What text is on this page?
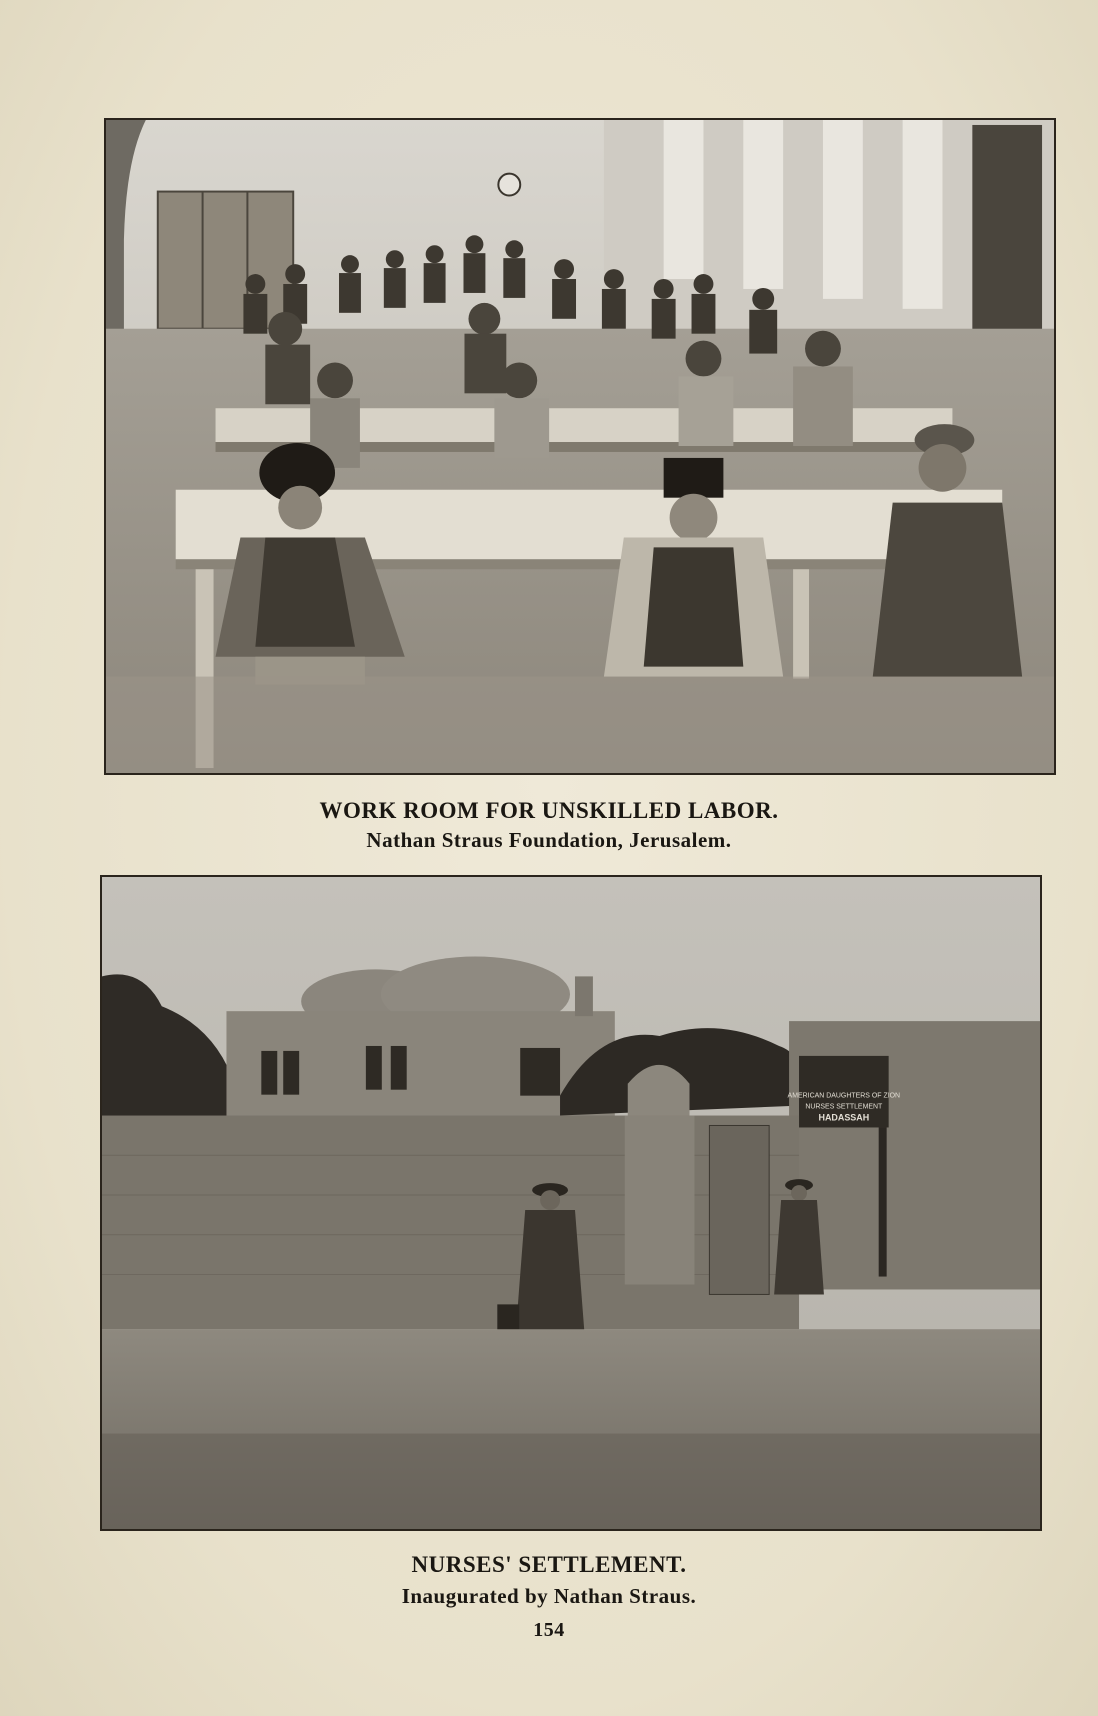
WORK ROOM FOR UNSKILLED LABOR.
Nathan Straus Foundation, Jerusalem.
AMERICAN DAUGHTERS OF ZION
NURSES SETTLEMENT
HADASSAH
NURSES' SETTLEMENT.
Inaugurated by Nathan Straus.
154
